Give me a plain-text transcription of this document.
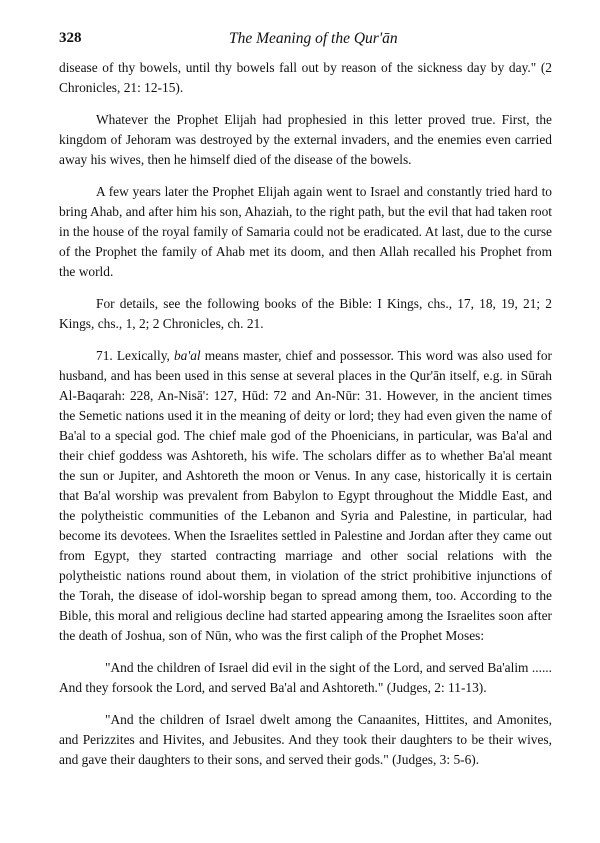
328	The Meaning of the Qur'ān

disease of thy bowels, until thy bowels fall out by reason of the sickness day by day." (2 Chronicles, 21: 12-15).

Whatever the Prophet Elijah had prophesied in this letter proved true. First, the kingdom of Jehoram was destroyed by the external invaders, and the enemies even carried away his wives, then he himself died of the disease of the bowels.

A few years later the Prophet Elijah again went to Israel and constantly tried hard to bring Ahab, and after him his son, Ahaziah, to the right path, but the evil that had taken root in the house of the royal family of Samaria could not be eradicated. At last, due to the curse of the Prophet the family of Ahab met its doom, and then Allah recalled his Prophet from the world.

For details, see the following books of the Bible: I Kings, chs., 17, 18, 19, 21; 2 Kings, chs., 1, 2; 2 Chronicles, ch. 21.

71. Lexically, ba'al means master, chief and possessor. This word was also used for husband, and has been used in this sense at several places in the Qur'ān itself, e.g. in Sūrah Al-Baqarah: 228, An-Nisā': 127, Hūd: 72 and An-Nūr: 31. However, in the ancient times the Semetic nations used it in the meaning of deity or lord; they had even given the name of Ba'al to a special god. The chief male god of the Phoenicians, in particular, was Ba'al and their chief goddess was Ashtoreth, his wife. The scholars differ as to whether Ba'al meant the sun or Jupiter, and Ashtoreth the moon or Venus. In any case, historically it is certain that Ba'al worship was prevalent from Babylon to Egypt throughout the Middle East, and the polytheistic communities of the Lebanon and Syria and Palestine, in particular, had become its devotees. When the Israelites settled in Palestine and Jordan after they came out from Egypt, they started contracting marriage and other social relations with the polytheistic nations round about them, in violation of the strict prohibitive injunctions of the Torah, the disease of idol-worship began to spread among them, too. According to the Bible, this moral and religious decline had started appearing among the Israelites soon after the death of Joshua, son of Nūn, who was the first caliph of the Prophet Moses:

"And the children of Israel did evil in the sight of the Lord, and served Ba'alim ...... And they forsook the Lord, and served Ba'al and Ashtoreth." (Judges, 2: 11-13).

"And the children of Israel dwelt among the Canaanites, Hittites, and Amonites, and Perizzites and Hivites, and Jebusites. And they took their daughters to be their wives, and gave their daughters to their sons, and served their gods." (Judges, 3: 5-6).
